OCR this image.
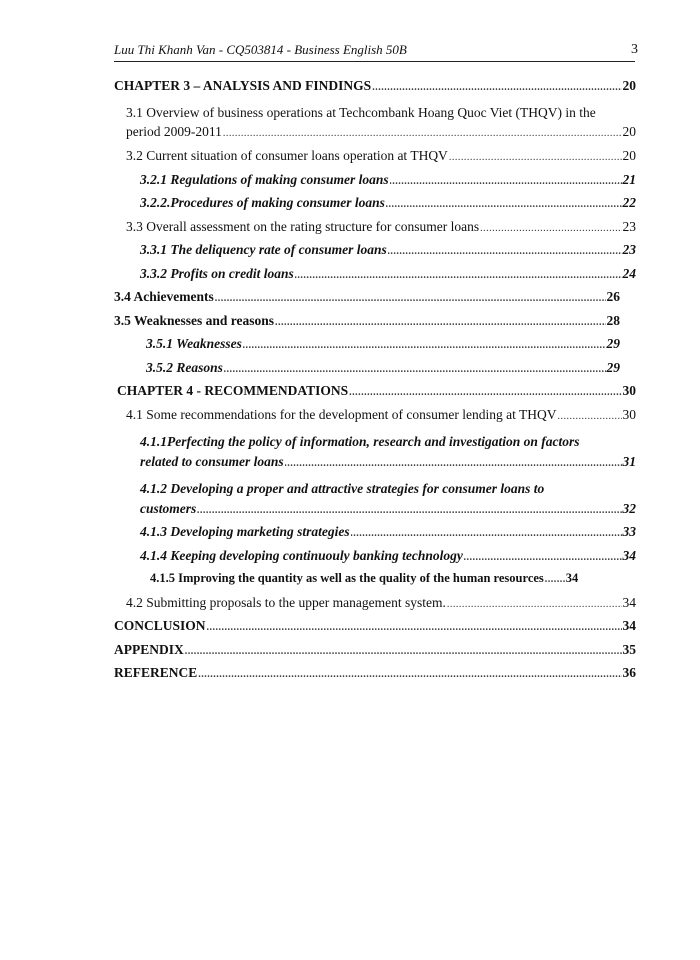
Luu Thi Khanh Van - CQ503814 - Business English 50B	3
CHAPTER 3 – ANALYSIS AND FINDINGS .....	20
3.1 Overview of business operations at Techcombank Hoang Quoc Viet (THQV) in the
period 2009-2011 .....	20
3.2 Current situation of consumer loans operation at THQV .....	20
3.2.1 Regulations of making consumer loans .....	21
3.2.2.Procedures of making consumer loans .....	22
3.3 Overall assessment on the rating structure for consumer loans .....	23
3.3.1 The deliquency rate of consumer loans .....	23
3.3.2 Profits on credit loans .....	24
3.4 Achievements .....	26
3.5 Weaknesses and reasons .....	28
3.5.1 Weaknesses .....	29
3.5.2 Reasons .....	29
CHAPTER 4 - RECOMMENDATIONS .....	30
4.1 Some recommendations for the development of consumer lending at THQV .....	30
4.1.1Perfecting the policy of information, research and investigation on factors
related to consumer loans .....	31
4.1.2 Developing a proper and attractive strategies for consumer loans to
customers .....	32
4.1.3 Developing marketing strategies .....	33
4.1.4 Keeping developing continuouly banking technology .....	34
4.1.5 Improving the quantity as well as the quality of the human resources ..... 34
4.2 Submitting proposals to the upper management system. .....	34
CONCLUSION .....	34
APPENDIX .....	35
REFERENCE .....	36
